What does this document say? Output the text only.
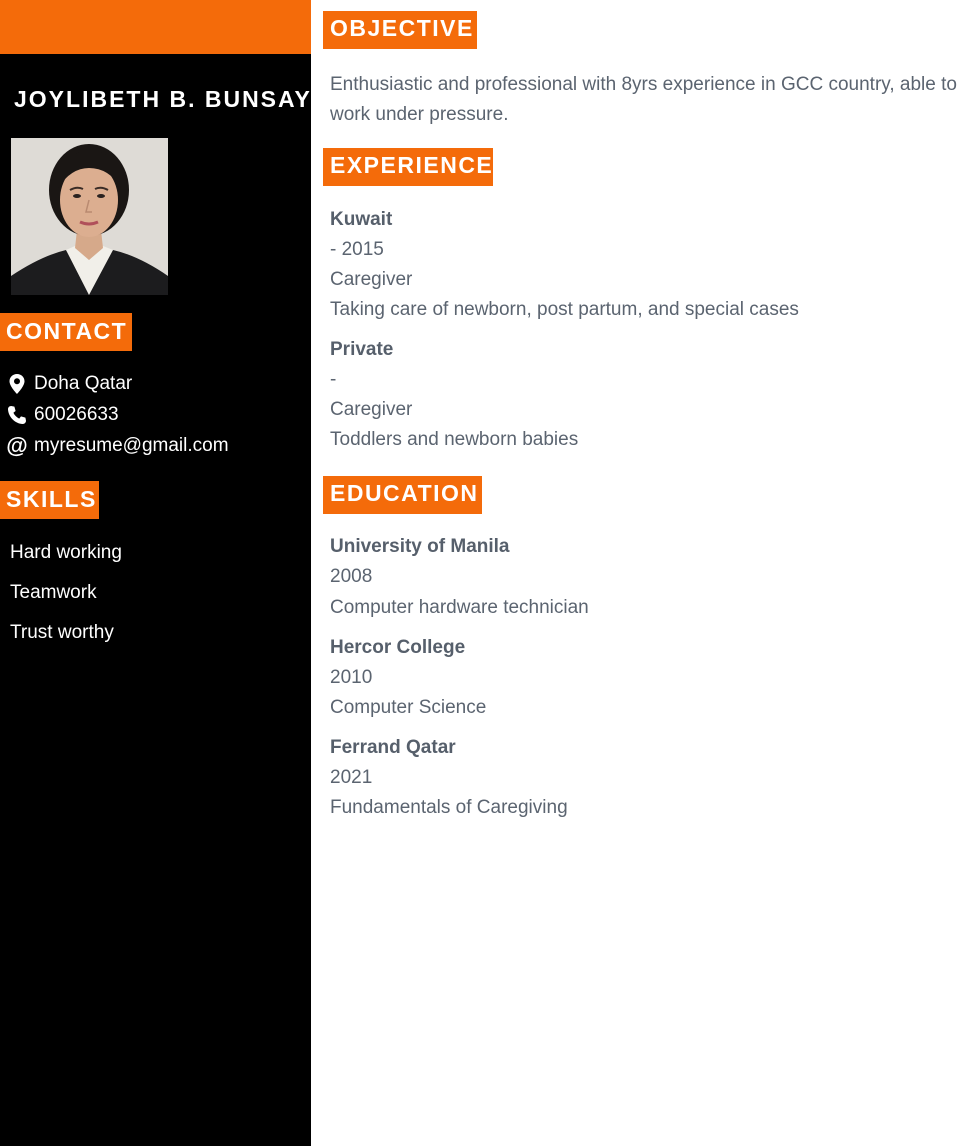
JOYLIBETH B. BUNSAY
CONTACT
Doha Qatar
60026633
@ myresume@gmail.com
SKILLS
Hard working
Teamwork
Trust worthy
OBJECTIVE
Enthusiastic and professional with 8yrs experience in GCC country, able to work under pressure.
EXPERIENCE
Kuwait
- 2015
Caregiver
Taking care of newborn, post partum, and special cases
Private
-
Caregiver
Toddlers and newborn babies
EDUCATION
University of Manila
2008
Computer hardware technician
Hercor College
2010
Computer Science
Ferrand Qatar
2021
Fundamentals of Caregiving
